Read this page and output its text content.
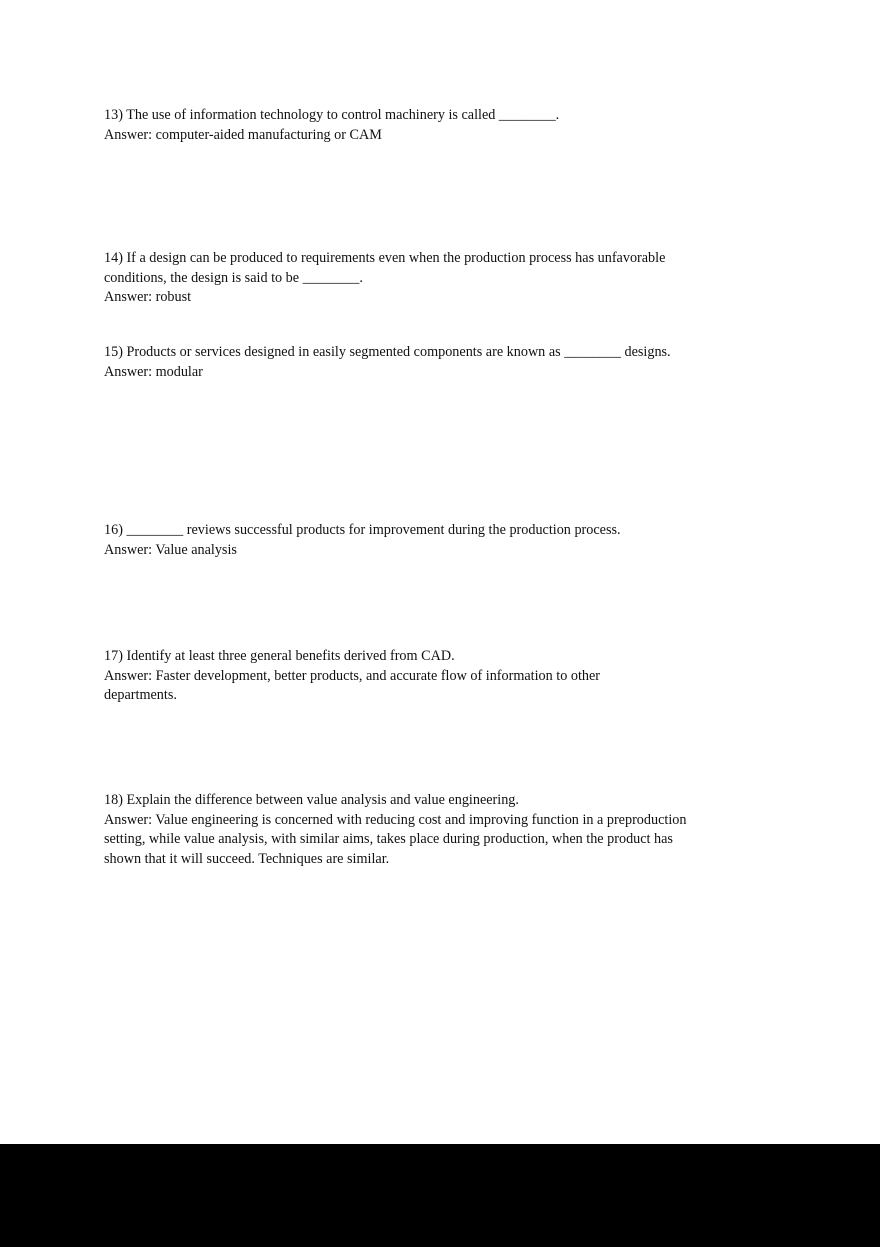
13) The use of information technology to control machinery is called ________.

Answer: computer-aided manufacturing or CAM

14) If a design can be produced to requirements even when the production process has unfavorable conditions, the design is said to be ________.

Answer: robust

15) Products or services designed in easily segmented components are known as ________ designs.

Answer: modular

16) ________ reviews successful products for improvement during the production process.

Answer: Value analysis

17) Identify at least three general benefits derived from CAD.

Answer: Faster development, better products, and accurate flow of information to other departments.

18) Explain the difference between value analysis and value engineering.

Answer: Value engineering is concerned with reducing cost and improving function in a preproduction setting, while value analysis, with similar aims, takes place during production, when the product has shown that it will succeed. Techniques are similar.
